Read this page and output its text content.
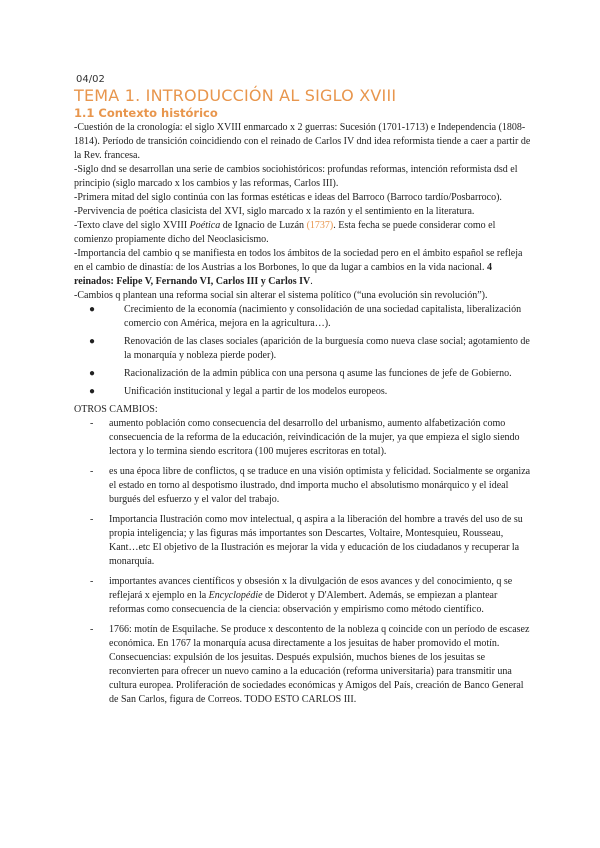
04/02
TEMA 1. INTRODUCCIÓN AL SIGLO XVIII
1.1 Contexto histórico

-Cuestión de la cronología: el siglo XVIII enmarcado x 2 guerras: Sucesión (1701-1713) e Independencia (1808-1814). Período de transición coincidiendo con el reinado de Carlos IV dnd idea reformista tiende a caer a partir de la Rev. francesa.

-Siglo dnd se desarrollan una serie de cambios sociohistóricos: profundas reformas, intención reformista dsd el principio (siglo marcado x los cambios y las reformas, Carlos III).

-Primera mitad del siglo continúa con las formas estéticas e ideas del Barroco (Barroco tardío/Posbarroco).

-Pervivencia de poética clasicista del XVI, siglo marcado x la razón y el sentimiento en la literatura.

-Texto clave del siglo XVIII Poética de Ignacio de Luzán (1737). Esta fecha se puede considerar como el comienzo propiamente dicho del Neoclasicismo.

-Importancia del cambio q se manifiesta en todos los ámbitos de la sociedad pero en el ámbito español se refleja en el cambio de dinastía: de los Austrias a los Borbones, lo que da lugar a cambios en la vida nacional. 4 reinados: Felipe V, Fernando VI, Carlos III y Carlos IV.

-Cambios q plantean una reforma social sin alterar el sistema político (“una evolución sin revolución”).

●	Crecimiento de la economía (nacimiento y consolidación de una sociedad capitalista, liberalización comercio con América, mejora en la agricultura…).
●	Renovación de las clases sociales (aparición de la burguesía como nueva clase social; agotamiento de la monarquía y nobleza pierde poder).
●	Racionalización de la admin pública con una persona q asume las funciones de jefe de Gobierno.
●	Unificación institucional y legal a partir de los modelos europeos.

OTROS CAMBIOS:

- aumento población como consecuencia del desarrollo del urbanismo, aumento alfabetización como consecuencia de la reforma de la educación, reivindicación de la mujer, ya que empieza el siglo siendo lectora y lo termina siendo escritora (100 mujeres escritoras en total).
- es una época libre de conflictos, q se traduce en una visión optimista y felicidad. Socialmente se organiza el estado en torno al despotismo ilustrado, dnd importa mucho el absolutismo monárquico y el ideal burgués del esfuerzo y el valor del trabajo.
- Importancia Ilustración como mov intelectual, q aspira a la liberación del hombre a través del uso de su propia inteligencia; y las figuras más importantes son Descartes, Voltaire, Montesquieu, Rousseau, Kant…etc El objetivo de la Ilustración es mejorar la vida y educación de los ciudadanos y recuperar la monarquía.
- importantes avances científicos y obsesión x la divulgación de esos avances y del conocimiento, q se reflejará x ejemplo en la Encyclopédie de Diderot y D'Alembert. Además, se empiezan a plantear reformas como consecuencia de la ciencia: observación y empirismo como método científico.
- 1766: motín de Esquilache. Se produce x descontento de la nobleza q coincide con un período de escasez económica. En 1767 la monarquía acusa directamente a los jesuitas de haber promovido el motín. Consecuencias: expulsión de los jesuitas. Después expulsión, muchos bienes de los jesuitas se reconvierten para ofrecer un nuevo camino a la educación (reforma universitaria) para transmitir una cultura europea. Proliferación de sociedades económicas y Amigos del País, creación de Banco General de San Carlos, figura de Correos. TODO ESTO CARLOS III.
